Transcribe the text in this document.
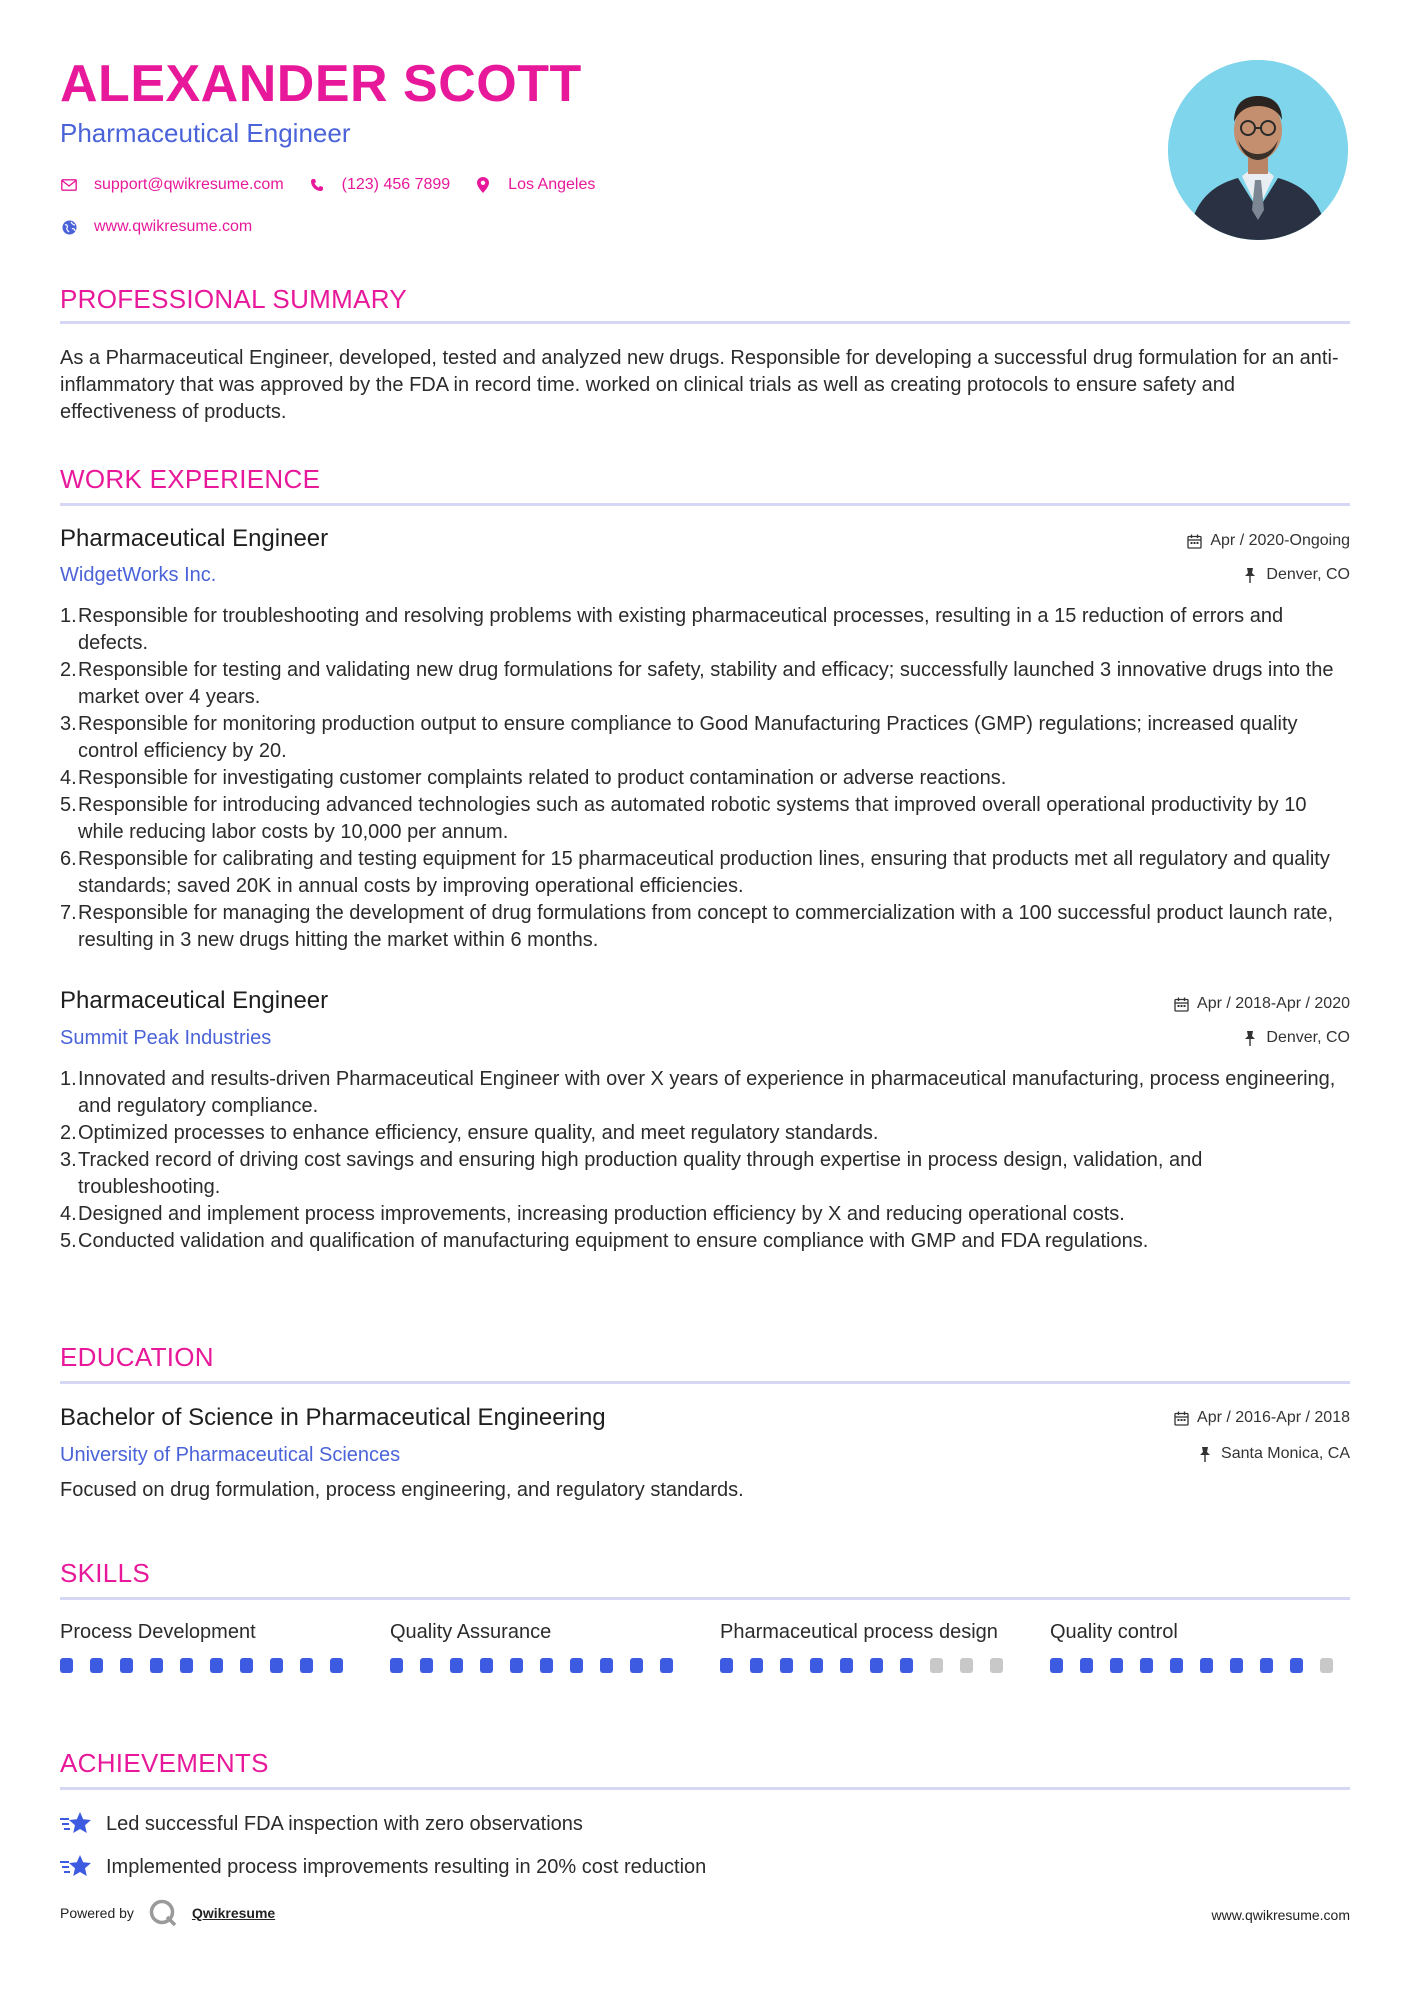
ALEXANDER SCOTT
Pharmaceutical Engineer
support@qwikresume.com	(123) 456 7899	Los Angeles
www.qwikresume.com
PROFESSIONAL SUMMARY
As a Pharmaceutical Engineer, developed, tested and analyzed new drugs. Responsible for developing a successful drug formulation for an anti-inflammatory that was approved by the FDA in record time. worked on clinical trials as well as creating protocols to ensure safety and effectiveness of products.
WORK EXPERIENCE
Pharmaceutical Engineer	Apr / 2020-Ongoing
WidgetWorks Inc.	Denver, CO
1. Responsible for troubleshooting and resolving problems with existing pharmaceutical processes, resulting in a 15 reduction of errors and defects.
2. Responsible for testing and validating new drug formulations for safety, stability and efficacy; successfully launched 3 innovative drugs into the market over 4 years.
3. Responsible for monitoring production output to ensure compliance to Good Manufacturing Practices (GMP) regulations; increased quality control efficiency by 20.
4. Responsible for investigating customer complaints related to product contamination or adverse reactions.
5. Responsible for introducing advanced technologies such as automated robotic systems that improved overall operational productivity by 10 while reducing labor costs by 10,000 per annum.
6. Responsible for calibrating and testing equipment for 15 pharmaceutical production lines, ensuring that products met all regulatory and quality standards; saved 20K in annual costs by improving operational efficiencies.
7. Responsible for managing the development of drug formulations from concept to commercialization with a 100 successful product launch rate, resulting in 3 new drugs hitting the market within 6 months.
Pharmaceutical Engineer	Apr / 2018-Apr / 2020
Summit Peak Industries	Denver, CO
1. Innovated and results-driven Pharmaceutical Engineer with over X years of experience in pharmaceutical manufacturing, process engineering, and regulatory compliance.
2. Optimized processes to enhance efficiency, ensure quality, and meet regulatory standards.
3. Tracked record of driving cost savings and ensuring high production quality through expertise in process design, validation, and troubleshooting.
4. Designed and implement process improvements, increasing production efficiency by X and reducing operational costs.
5. Conducted validation and qualification of manufacturing equipment to ensure compliance with GMP and FDA regulations.
EDUCATION
Bachelor of Science in Pharmaceutical Engineering	Apr / 2016-Apr / 2018
University of Pharmaceutical Sciences	Santa Monica, CA
Focused on drug formulation, process engineering, and regulatory standards.
SKILLS
Process Development	Quality Assurance	Pharmaceutical process design	Quality control
ACHIEVEMENTS
Led successful FDA inspection with zero observations
Implemented process improvements resulting in 20% cost reduction
Powered by	Qwikresume	www.qwikresume.com
